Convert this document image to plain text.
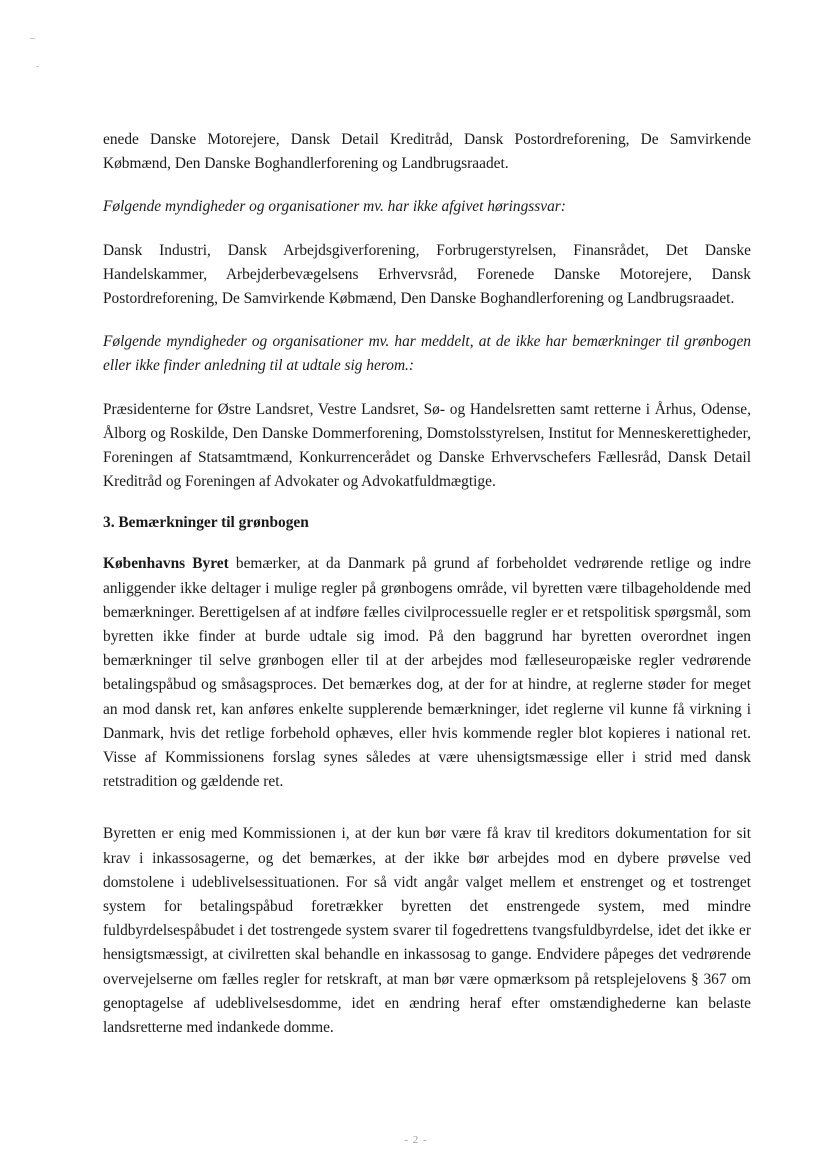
enede Danske Motorejere, Dansk Detail Kreditråd, Dansk Postordreforening, De Samvirkende Købmænd, Den Danske Boghandlerforening og Landbrugsraadet.

Følgende myndigheder og organisationer mv. har ikke afgivet høringssvar:

Dansk Industri, Dansk Arbejdsgiverforening, Forbrugerstyrelsen, Finansrådet, Det Danske Handelskammer, Arbejderbevægelsens Erhvervsråd, Forenede Danske Motorejere, Dansk Postordreforening, De Samvirkende Købmænd, Den Danske Boghandlerforening og Landbrugsraadet.

Følgende myndigheder og organisationer mv. har meddelt, at de ikke har bemærkninger til grønbogen eller ikke finder anledning til at udtale sig herom.:

Præsidenterne for Østre Landsret, Vestre Landsret, Sø- og Handelsretten samt retterne i Århus, Odense, Ålborg og Roskilde, Den Danske Dommerforening, Domstolsstyrelsen, Institut for Menneskerettigheder, Foreningen af Statsamtmænd, Konkurrencerådet og Danske Erhvervschefers Fællesråd, Dansk Detail Kreditråd og Foreningen af Advokater og Advokatfuldmægtige.

3. Bemærkninger til grønbogen

Københavns Byret bemærker, at da Danmark på grund af forbeholdet vedrørende retlige og indre anliggender ikke deltager i mulige regler på grønbogens område, vil byretten være tilbageholdende med bemærkninger. Berettigelsen af at indføre fælles civilprocessuelle regler er et retspolitisk spørgsmål, som byretten ikke finder at burde udtale sig imod. På den baggrund har byretten overordnet ingen bemærkninger til selve grønbogen eller til at der arbejdes mod fælleseuropæiske regler vedrørende betalingspåbud og småsagsproces. Det bemærkes dog, at der for at hindre, at reglerne støder for meget an mod dansk ret, kan anføres enkelte supplerende bemærkninger, idet reglerne vil kunne få virkning i Danmark, hvis det retlige forbehold ophæves, eller hvis kommende regler blot kopieres i national ret. Visse af Kommissionens forslag synes således at være uhensigtsmæssige eller i strid med dansk retstradition og gældende ret.

Byretten er enig med Kommissionen i, at der kun bør være få krav til kreditors dokumentation for sit krav i inkassosagerne, og det bemærkes, at der ikke bør arbejdes mod en dybere prøvelse ved domstolene i udeblivelsessituationen. For så vidt angår valget mellem et enstrenget og et tostrenget system for betalingspåbud foretrækker byretten det enstrengede system, med mindre fuldbyrdelsespåbudet i det tostrengede system svarer til fogedrettens tvangsfuldbyrdelse, idet det ikke er hensigtsmæssigt, at civilretten skal behandle en inkassosag to gange. Endvidere påpeges det vedrørende overvejelserne om fælles regler for retskraft, at man bør være opmærksom på retsplejelovens § 367 om genoptagelse af udeblivelsesdomme, idet en ændring heraf efter omstændighederne kan belaste landsretterne med indankede domme.

- 2 -
